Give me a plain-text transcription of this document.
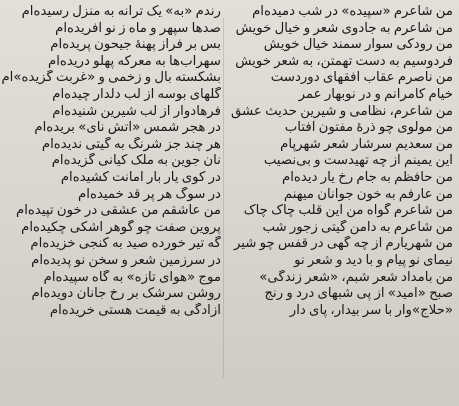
من شاعرم «سپیده» در شب دمیده‌ام
من شاعرم به جادوی شعر و خیال خویش
من رودکی سوار سمند خیال خویش
فردوسیم به دست تهمتن، به شعر خویش
من ناصرم عقاب افقهای دوردست
خیام کامرانم و در نوبهار عمر
من شاعرم، نظامی و شیرین حدیث عشق
من مولوی چو ذرهٔ مفتون آفتاب
من سعدیم سرشار شعر شهرپام
این یمینم از چه تهیدست و بی‌نصیب
من حافظم به جام رخ یار دیده‌ام
من عارفم به خون جوانان میهنم
من شاعرم گواه من این قلب چاک چاک
من شاعرم به دامن گیتی زجور شب
من شهریارم از چه گهی در قفس چو شیر
نیمای نو پیام و با دید و شعر نو
من بامداد شعر شبم، «شعر زندگی»
صبح «امید» از پی شبهای درد و رنج
«حلاج»وار با سر بیدار، پای دار
رندم «به» یک ترانه به منزل رسیده‌ام
صدها سپهر و ماه ز نو آفریده‌ام
بس بر فراز پهنهٔ جیحون پریده‌ام
سهراب‌ها به معرکه پهلو دریده‌ام
بشکسته بال و زخمی و «غربت گزیده»ام
گلهای بوسه از لب دلدار چیده‌ام
فرهادوار از لب شیرین شنیده‌ام
در هجر شمس «آتش نای» بریده‌ام
هر چند جز شرنگ به گیتی ندیده‌ام
نان جوین به ملک کیانی گزیده‌ام
در کوی یار بار امانت کشیده‌ام
در سوگ هر پر قد خمیده‌ام
من عاشقم من عشقی در خون تپیده‌ام
پروین صفت چو گوهر اشکی چکیده‌ام
گه تیر خورده صید به کنجی خزیده‌ام
در سرزمین شعر و سخن نو پدیده‌ام
موج «هوای تازه» به گاه سپیده‌ام
روشن سرشک بر رخ جانان دویده‌ام
آزادگی به قیمت هستی خریده‌ام
